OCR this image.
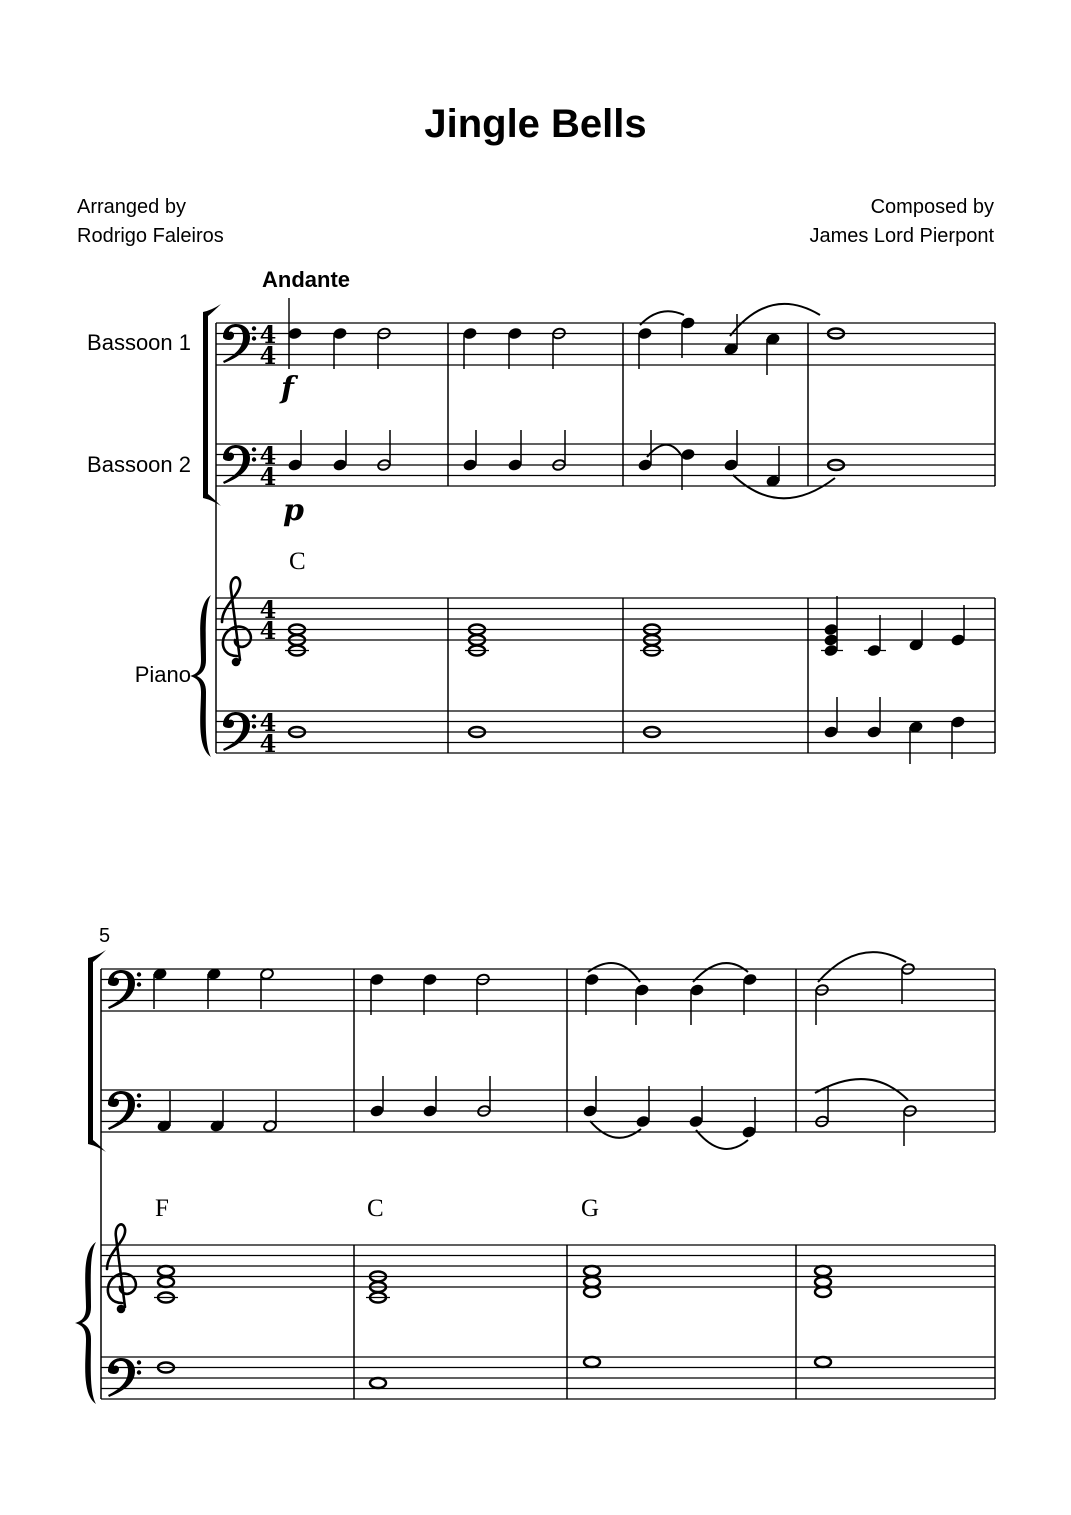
Jingle Bells
Arranged by
Rodrigo Faleiros
Composed by
James Lord Pierpont
Andante
Bassoon 1
Bassoon 2
Piano
5
C
F	C	G
f
p
4
4
4
4
4
4
4
4
